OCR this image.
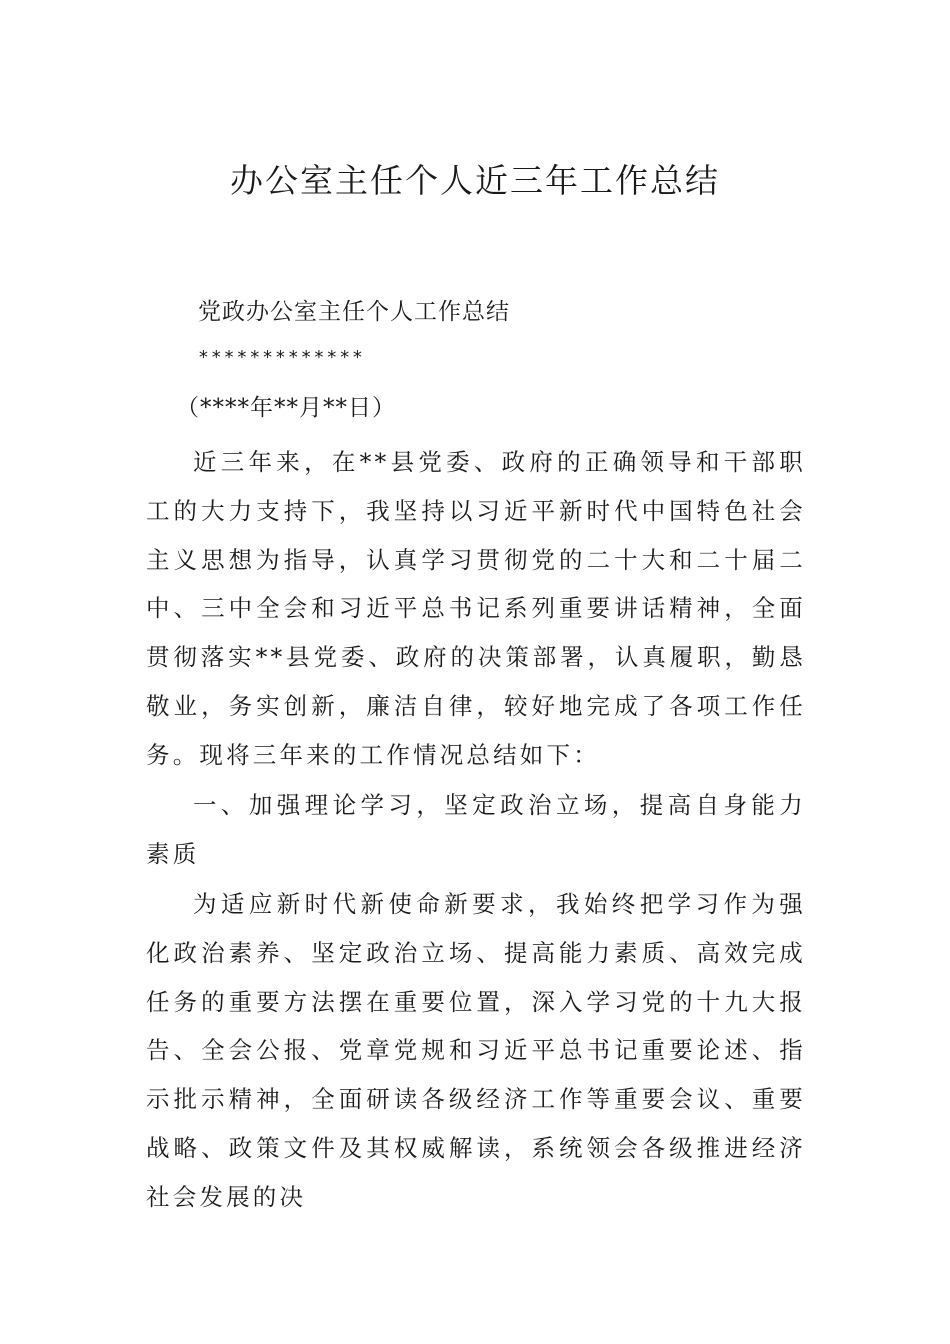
办公室主任个人近三年工作总结
党政办公室主任个人工作总结
*************
（****年**月**日）

近三年来，在**县党委、政府的正确领导和干部职工的大力支持下，我坚持以习近平新时代中国特色社会主义思想为指导，认真学习贯彻党的二十大和二十届二中、三中全会和习近平总书记系列重要讲话精神，全面贯彻落实**县党委、政府的决策部署，认真履职，勤恳敬业，务实创新，廉洁自律，较好地完成了各项工作任务。现将三年来的工作情况总结如下：

一、加强理论学习，坚定政治立场，提高自身能力素质

为适应新时代新使命新要求，我始终把学习作为强化政治素养、坚定政治立场、提高能力素质、高效完成任务的重要方法摆在重要位置，深入学习党的十九大报告、全会公报、党章党规和习近平总书记重要论述、指示批示精神，全面研读各级经济工作等重要会议、重要战略、政策文件及其权威解读，系统领会各级推进经济社会发展的决
